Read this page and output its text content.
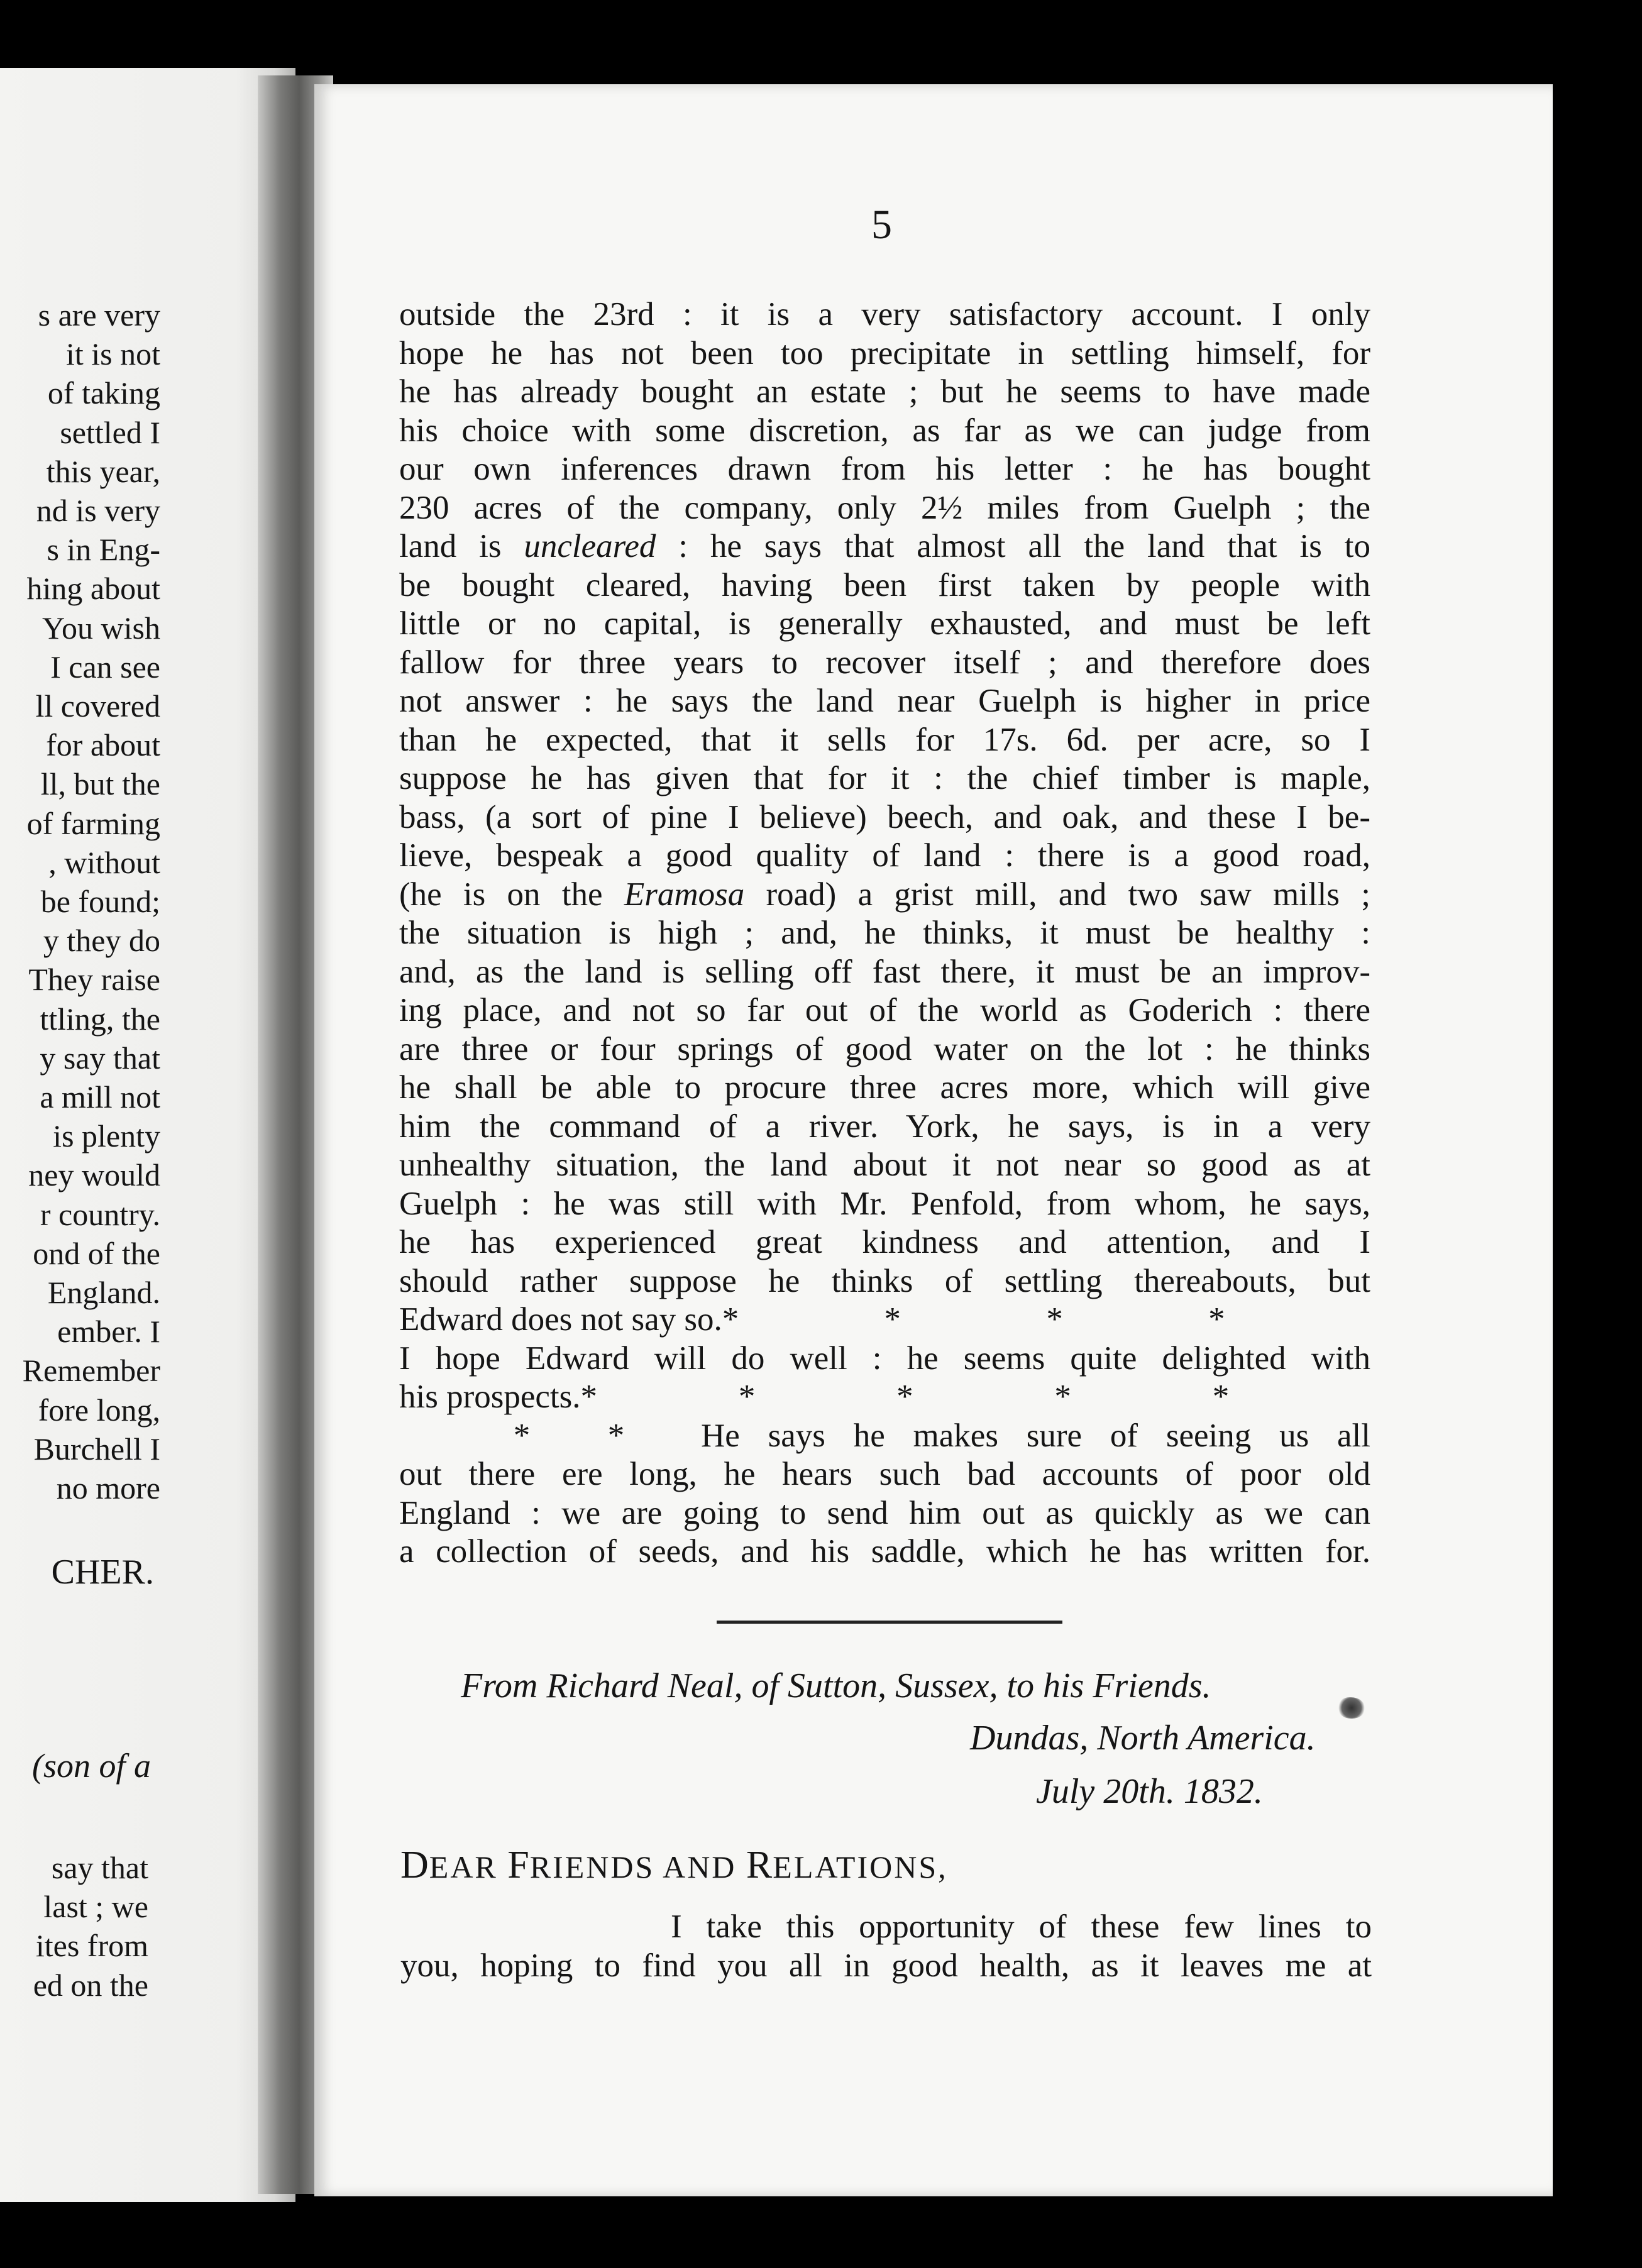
s are very
it is not
of taking
settled I
this year,
nd is very
s in Eng-
hing about
You wish
I can see
ll covered
for about
ll, but the
of farming
, without
be found;
y they do
They raise
ttling, the
y say that
a mill not
is plenty
ney would
r country.
ond of the
England.
ember. I
Remember
fore long,
Burchell I
no more
CHER.
(son of a
say that
last ; we
ites from
ed on the
5
outside the 23rd : it is a very satisfactory account. I only
hope he has not been too precipitate in settling himself, for
he has already bought an estate ; but he seems to have made
his choice with some discretion, as far as we can judge from
our own inferences drawn from his letter : he has bought
230 acres of the company, only 2½ miles from Guelph ; the
land is uncleared : he says that almost all the land that is to
be bought cleared, having been first taken by people with
little or no capital, is generally exhausted, and must be left
fallow for three years to recover itself ; and therefore does
not answer : he says the land near Guelph is higher in price
than he expected, that it sells for 17s. 6d. per acre, so I
suppose he has given that for it : the chief timber is maple,
bass, (a sort of pine I believe) beech, and oak, and these I be-
lieve, bespeak a good quality of land : there is a good road,
(he is on the Eramosa road) a grist mill, and two saw mills ;
the situation is high ; and, he thinks, it must be healthy :
and, as the land is selling off fast there, it must be an improv-
ing place, and not so far out of the world as Goderich : there
are three or four springs of good water on the lot : he thinks
he shall be able to procure three acres more, which will give
him the command of a river. York, he says, is in a very
unhealthy situation, the land about it not near so good as at
Guelph : he was still with Mr. Penfold, from whom, he says,
he has experienced great kindness and attention, and I
should rather suppose he thinks of settling thereabouts, but
Edward does not say so. *	*	*	*
I hope Edward will do well : he seems quite delighted with
his prospects. *	*	*	*	*
*	*	He says he makes sure of seeing us all
out there ere long, he hears such bad accounts of poor old
England : we are going to send him out as quickly as we can
a collection of seeds, and his saddle, which he has written for.
From Richard Neal, of Sutton, Sussex, to his Friends.
Dundas, North America.
July 20th. 1832.
DEAR FRIENDS AND RELATIONS,
I take this opportunity of these few lines to
you, hoping to find you all in good health, as it leaves me at
